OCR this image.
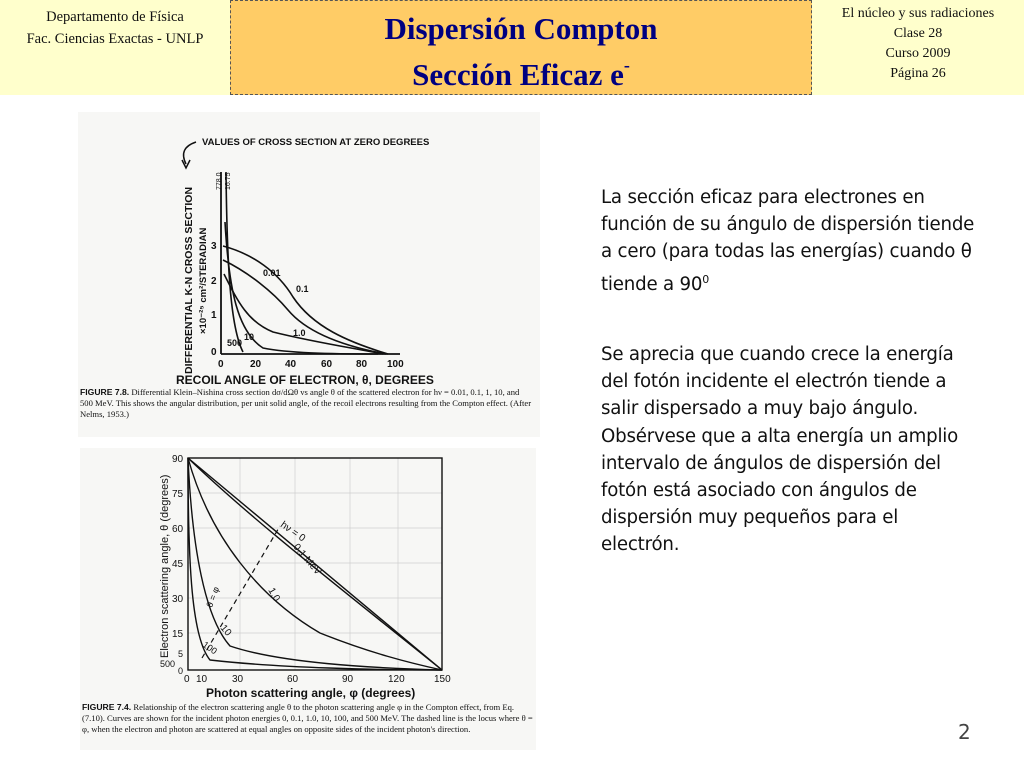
Departamento de Física
Fac. Ciencias Exactas - UNLP	Dispersión Compton
Sección Eficaz e-
El núcleo y sus radiaciones
Clase 28
Curso 2009
Página 26
VALUES OF CROSS SECTION AT ZERO DEGREES
778.0 16.75
DIFFERENTIAL K-N CROSS SECTION ×10⁻²⁵ cm²/STERADIAN 3
2
1
0
0	20 40 60 80 100
0.01
0.1
1.0
10
500
RECOIL ANGLE OF ELECTRON, θ, DEGREES
FIGURE 7.8. Differential Klein–Nishina cross section dσ/dΩθ vs angle θ of the scattered electron for hν = 0.01, 0.1, 1, 10, and 500 MeV. This shows the angular distribution, per unit solid angle, of the recoil electrons resulting from the Compton effect. (After Nelms, 1953.)
Electron scattering angle, θ (degrees)
90
75
60
45
30
15
5
500
0
0 10 30	60	90	120	150
hν = 0
0.1 MeV
1.0
10
100
θ = φ
Photon scattering angle, φ (degrees)
FIGURE 7.4. Relationship of the electron scattering angle θ to the photon scattering angle φ in the Compton effect, from Eq. (7.10). Curves are shown for the incident photon energies 0, 0.1, 1.0, 10, 100, and 500 MeV. The dashed line is the locus where θ = φ, when the electron and photon are scattered at equal angles on opposite sides of the incident photon's direction.
La sección eficaz para electrones en función de su ángulo de dispersión tiende a cero (para todas las energías) cuando θ tiende a $90^0$
Se aprecia que cuando crece la energía del fotón incidente el electrón tiende a salir dispersado a muy bajo ángulo. Obsérvese que a alta energía un amplio intervalo de ángulos de dispersión del fotón está asociado con ángulos de dispersión muy pequeños para el electrón.
2
